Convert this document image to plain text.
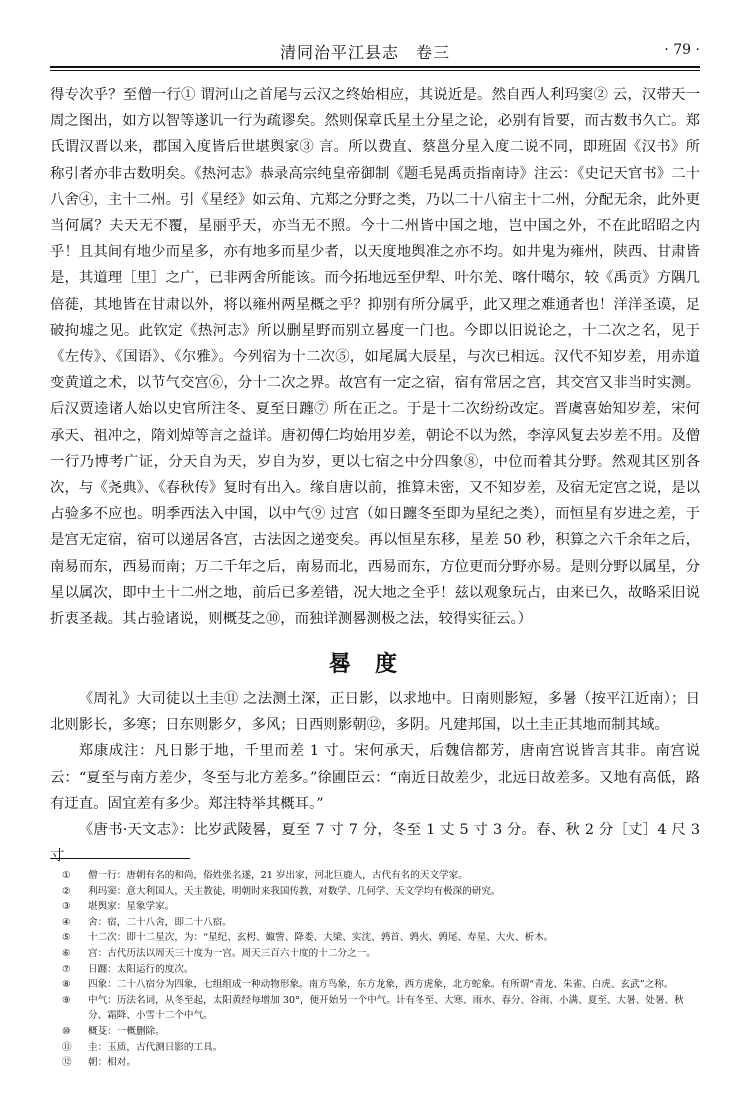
清同治平江县志　卷三	· 79 ·

得专次乎？至僧一行① 谓河山之首尾与云汉之终始相应，其说近是。然自西人利玛窦② 云，汉带天一周之图出，如方以智等遂讥一行为疏谬矣。然则保章氏星土分星之论，必别有旨要，而古数书久亡。郑氏谓汉晋以来，郡国入度皆后世堪舆家③ 言。所以费直、蔡邕分星入度二说不同，即班固《汉书》所称引者亦非古数明矣。《热河志》恭录高宗纯皇帝御制《题毛晃禹贡指南诗》注云：《史记天官书》二十八舍④，主十二州。引《星经》如云角、亢郑之分野之类，乃以二十八宿主十二州，分配无余，此外更当何属？夫天无不覆，星丽乎天，亦当无不照。今十二州皆中国之地，岂中国之外，不在此昭昭之内乎！且其间有地少而星多，亦有地多而星少者，以天度地舆准之亦不均。如井鬼为雍州，陕西、甘肃皆是，其道理［里］之广，已非两舍所能该。而今拓地远至伊犁、叶尔羌、喀什噶尔，较《禹贡》方隅几倍蓰，其地皆在甘肃以外，将以雍州两星概之乎？抑别有所分属乎，此又理之难通者也！洋洋圣谟，足破拘墟之见。此钦定《热河志》所以删星野而别立晷度一门也。今即以旧说论之，十二次之名，见于《左传》、《国语》、《尔雅》。今列宿为十二次⑤，如尾属大辰星，与次已相远。汉代不知岁差，用赤道变黄道之术，以节气交宫⑥，分十二次之界。故宫有一定之宿，宿有常居之宫，其交宫又非当时实测。后汉贾逵诸人始以史官所注冬、夏至日躔⑦ 所在正之。于是十二次纷纷改定。晋虞喜始知岁差，宋何承天、祖冲之，隋刘焯等言之益详。唐初傅仁均始用岁差，朝论不以为然，李淳风复去岁差不用。及僧一行乃博考广证，分天自为天，岁自为岁，更以七宿之中分四象⑧，中位而着其分野。然观其区别各次，与《尧典》、《春秋传》复时有出入。缘自唐以前，推算未密，又不知岁差，及宿无定宫之说，是以占验多不应也。明季西法入中国，以中气⑨ 过宫（如日躔冬至即为星纪之类），而恒星有岁进之差，于是宫无定宿，宿可以递居各宫，古法因之递变矣。再以恒星东移，星差 50 秒，积算之六千余年之后，南易而东，西易而南；万二千年之后，南易而北，西易而东，方位更而分野亦易。是则分野以属星，分星以属次，即中土十二州之地，前后已多差错，况大地之全乎！兹以观象玩占，由来已久，故略采旧说折衷圣裁。其占验诸说，则概芟之⑩，而独详测晷测极之法，较得实征云。）

晷度

《周礼》大司徒以土圭⑪ 之法测土深，正日影，以求地中。日南则影短，多暑（按平江近南）；日北则影长，多寒；日东则影夕，多风；日西则影朝⑫，多阴。凡建邦国，以土圭正其地而制其域。

郑康成注：凡日影于地，千里而差 1 寸。宋何承天，后魏信都芳，唐南宫说皆言其非。南宫说云：“夏至与南方差少，冬至与北方差多。”徐圃臣云：“南近日故差少，北远日故差多。又地有高低，路有迂直。固宜差有多少。郑注特举其概耳。”

《唐书·天文志》：比岁武陵晷，夏至 7 寸 7 分，冬至 1 丈 5 寸 3 分。春、秋 2 分［丈］4 尺 3 寸

① 僧一行：唐朝有名的和尚，俗姓张名遂，21 岁出家，河北巨鹿人，古代有名的天文学家。
② 利玛窦：意大利国人，天主教徒，明朝时来我国传教，对数学、几何学、天文学均有极深的研究。
③ 堪舆家：星象学家。
④ 舍：宿，二十八舍，即二十八宿。
⑤ 十二次：即十二星次，为：“星纪、玄枵、娵訾、降娄、大梁、实沈、鹑首、鹑火、鹑尾、寿星、大火、析木。
⑥ 宫：古代历法以周天三十度为一宫。周天三百六十度的十二分之一。
⑦ 日躔：太阳运行的度次。
⑧ 四象：二十八宿分为四象，七组组成一种动物形象。南方鸟象，东方龙象，西方虎象，北方蛇象。有所谓“青龙、朱雀、白虎、玄武”之称。
⑨ 中气：历法名词，从冬至起，太阳黄经每增加 30°，便开始另一个中气。计有冬至、大寒、雨水、春分、谷雨、小满、夏至、大暑、处暑、秋分、霜降、小雪十二个中气。
⑩ 概芟：一概删除。
⑪ 圭：玉质，古代测日影的工具。
⑫ 朝：相对。
